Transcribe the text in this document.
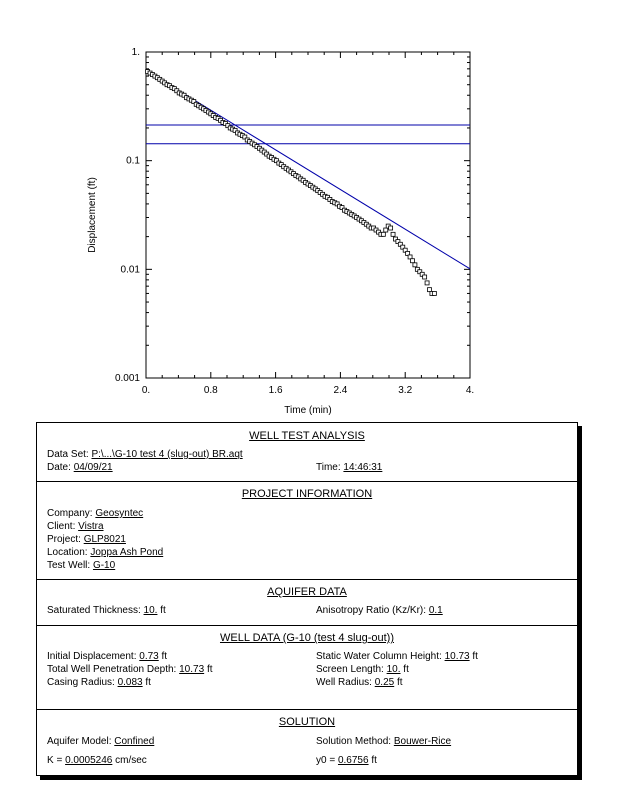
0.001
0.01
0.1
1.
0.	0.8	1.6	2.4	3.2	4.
Time (min)
Displacement (ft)
WELL TEST ANALYSIS
Data Set: P:\...\G-10 test 4 (slug-out) BR.aqt
Date: 04/09/21	Time: 14:46:31
PROJECT INFORMATION
Company: Geosyntec
Client: Vistra
Project: GLP8021
Location: Joppa Ash Pond
Test Well: G-10
AQUIFER DATA
Saturated Thickness: 10. ft	Anisotropy Ratio (Kz/Kr): 0.1
WELL DATA (G-10 (test 4 slug-out))
Initial Displacement: 0.73 ft	Static Water Column Height: 10.73 ft
Total Well Penetration Depth: 10.73 ft	Screen Length: 10. ft
Casing Radius: 0.083 ft	Well Radius: 0.25 ft
SOLUTION
Aquifer Model: Confined	Solution Method: Bouwer-Rice
K = 0.0005246 cm/sec	y0 = 0.6756 ft
